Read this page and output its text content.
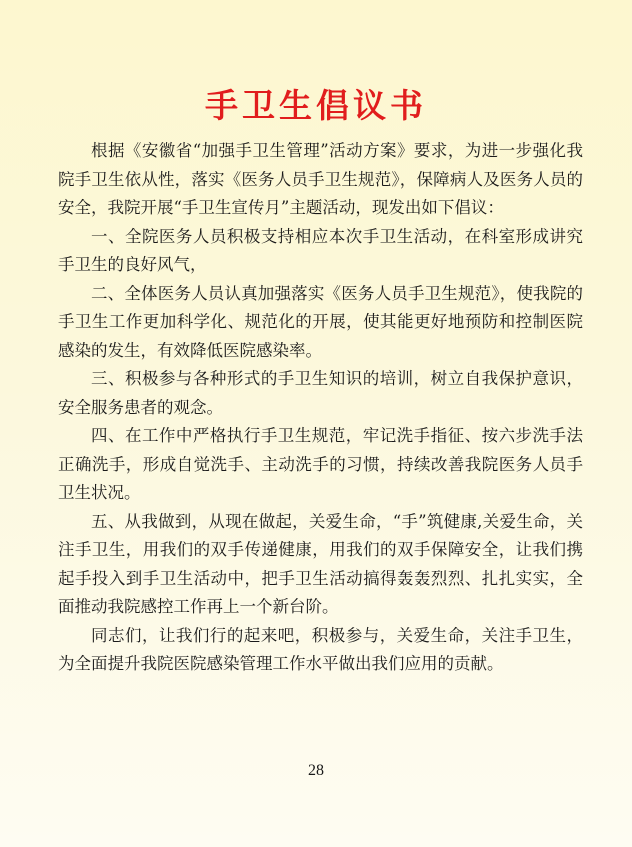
手卫生倡议书

根据《安徽省“加强手卫生管理”活动方案》要求，为进一步强化我院手卫生依从性，落实《医务人员手卫生规范》，保障病人及医务人员的安全，我院开展“手卫生宣传月”主题活动，现发出如下倡议：

一、全院医务人员积极支持相应本次手卫生活动，在科室形成讲究手卫生的良好风气，

二、全体医务人员认真加强落实《医务人员手卫生规范》，使我院的手卫生工作更加科学化、规范化的开展，使其能更好地预防和控制医院感染的发生，有效降低医院感染率。

三、积极参与各种形式的手卫生知识的培训，树立自我保护意识，安全服务患者的观念。

四、在工作中严格执行手卫生规范，牢记洗手指征、按六步洗手法正确洗手，形成自觉洗手、主动洗手的习惯，持续改善我院医务人员手卫生状况。

五、从我做到，从现在做起，关爱生命，“手”筑健康,关爱生命，关注手卫生，用我们的双手传递健康，用我们的双手保障安全，让我们携起手投入到手卫生活动中，把手卫生活动搞得轰轰烈烈、扎扎实实，全面推动我院感控工作再上一个新台阶。

同志们，让我们行的起来吧，积极参与，关爱生命，关注手卫生，为全面提升我院医院感染管理工作水平做出我们应用的贡献。

28
